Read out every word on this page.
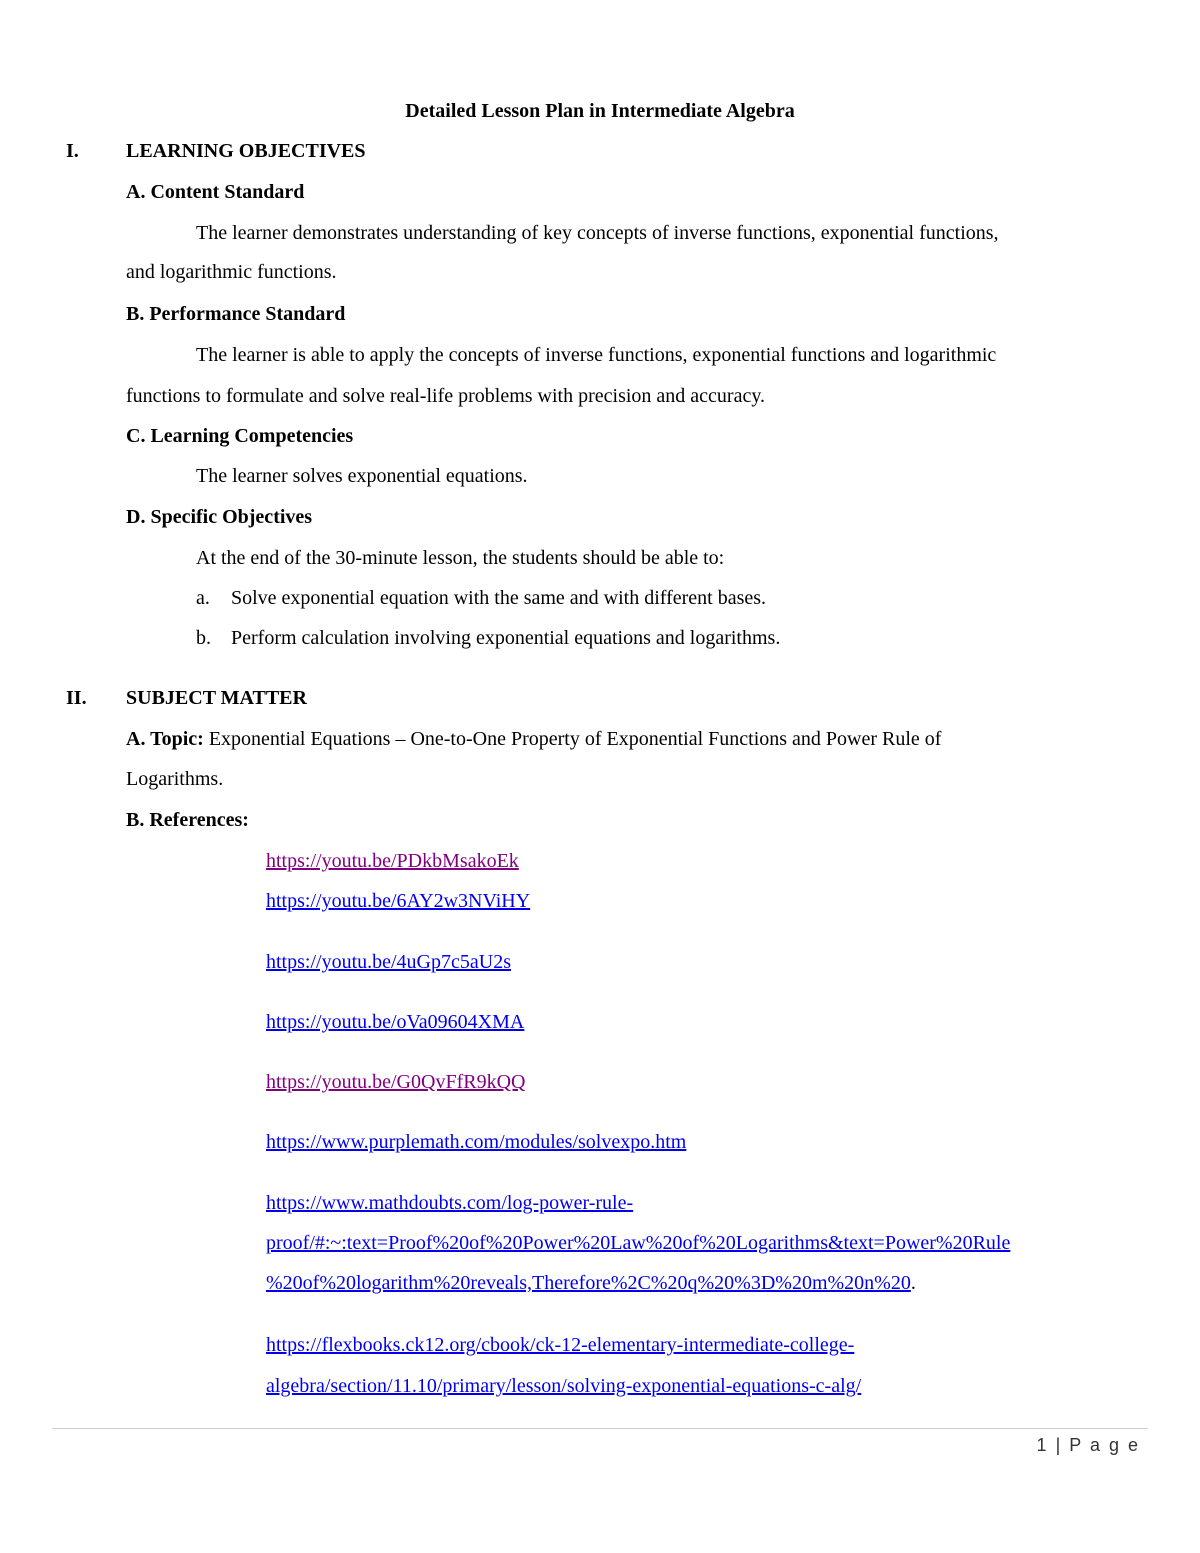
Detailed Lesson Plan in Intermediate Algebra
I. LEARNING OBJECTIVES
A. Content Standard
The learner demonstrates understanding of key concepts of inverse functions, exponential functions,
and logarithmic functions.
B. Performance Standard
The learner is able to apply the concepts of inverse functions, exponential functions and logarithmic
functions to formulate and solve real-life problems with precision and accuracy.
C. Learning Competencies
The learner solves exponential equations.
D. Specific Objectives
At the end of the 30-minute lesson, the students should be able to:
a. Solve exponential equation with the same and with different bases.
b. Perform calculation involving exponential equations and logarithms.
II. SUBJECT MATTER
A. Topic: Exponential Equations – One-to-One Property of Exponential Functions and Power Rule of
Logarithms.
B. References:
https://youtu.be/PDkbMsakoEk
https://youtu.be/6AY2w3NViHY
https://youtu.be/4uGp7c5aU2s
https://youtu.be/oVa09604XMA
https://youtu.be/G0QvFfR9kQQ
https://www.purplemath.com/modules/solvexpo.htm
https://www.mathdoubts.com/log-power-rule-
proof/#:~:text=Proof%20of%20Power%20Law%20of%20Logarithms&text=Power%20Rule
%20of%20logarithm%20reveals,Therefore%2C%20q%20%3D%20m%20n%20.
https://flexbooks.ck12.org/cbook/ck-12-elementary-intermediate-college-
algebra/section/11.10/primary/lesson/solving-exponential-equations-c-alg/
1 | P a g e
